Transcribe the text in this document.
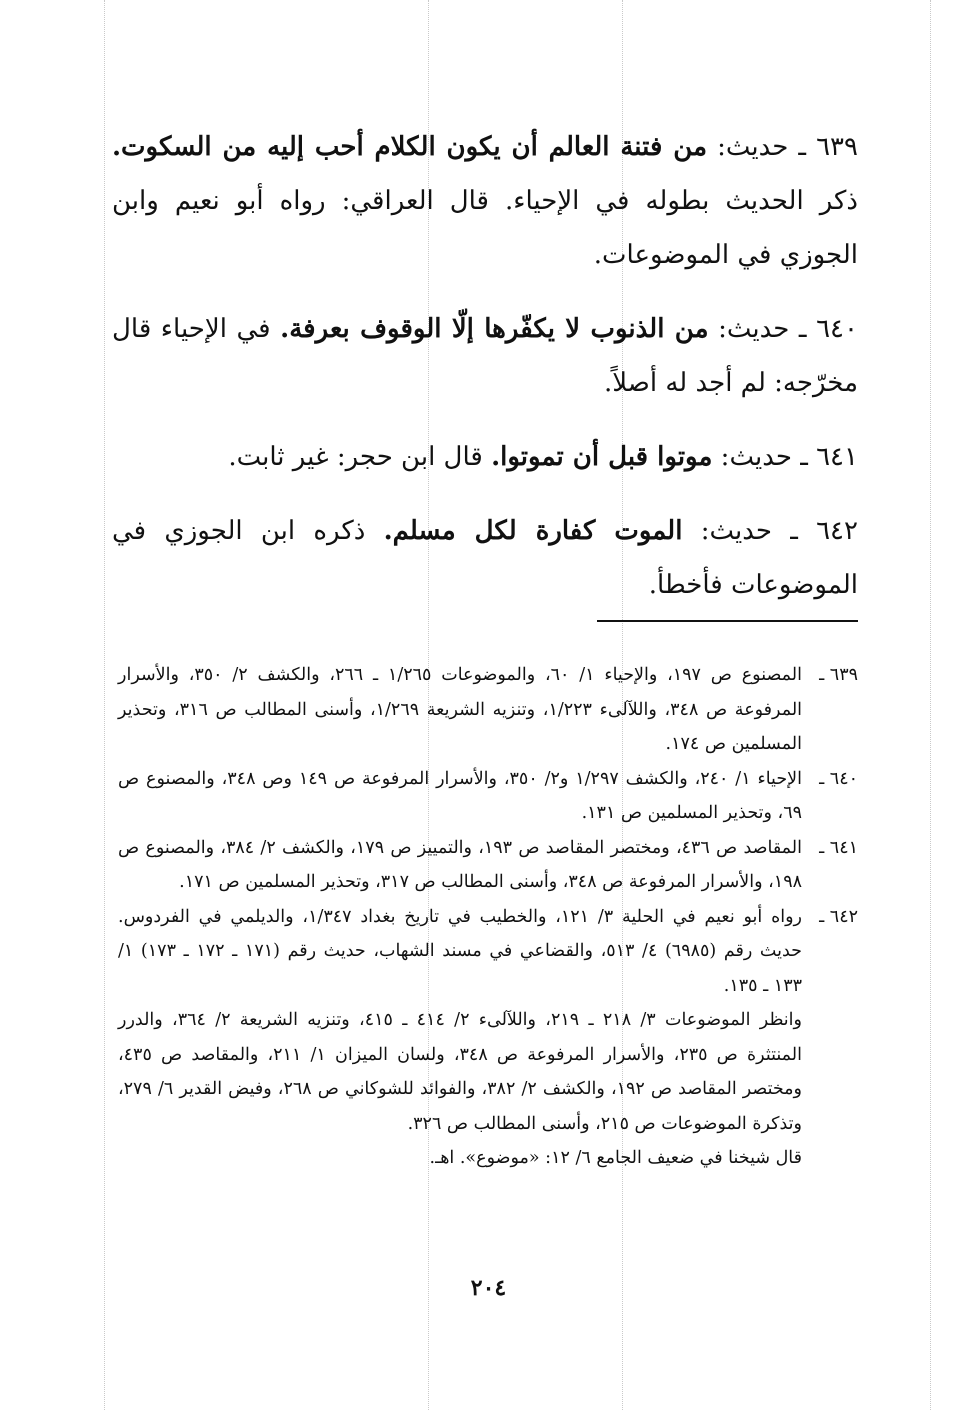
٦٣٩ ـ حديث: من فتنة العالم أن يكون الكلام أحب إليه من السكوت. ذكر الحديث بطوله في الإحياء. قال العراقي: رواه أبو نعيم وابن الجوزي في الموضوعات.

٦٤٠ ـ حديث: من الذنوب لا يكفّرها إلّا الوقوف بعرفة. في الإحياء قال مخرّجه: لم أجد له أصلاً.

٦٤١ ـ حديث: موتوا قبل أن تموتوا. قال ابن حجر: غير ثابت.

٦٤٢ ـ حديث: الموت كفارة لكل مسلم. ذكره ابن الجوزي في الموضوعات فأخطأ.

٦٣٩ ـ
المصنوع ص ١٩٧، والإحياء ١/ ٦٠، والموضوعات ١/٢٦٥ ـ ٢٦٦، والكشف ٢/ ٣٥٠، والأسرار المرفوعة ص ٣٤٨، واللآلىء ١/٢٢٣، وتنزيه الشريعة ١/٢٦٩، وأسنى المطالب ص ٣١٦، وتحذير المسلمين ص ١٧٤.

٦٤٠ ـ
الإحياء ١/ ٢٤٠، والكشف ١/٢٩٧ و٢/ ٣٥٠، والأسرار المرفوعة ص ١٤٩ وص ٣٤٨، والمصنوع ص ٦٩، وتحذير المسلمين ص ١٣١.

٦٤١ ـ
المقاصد ص ٤٣٦، ومختصر المقاصد ص ١٩٣، والتمييز ص ١٧٩، والكشف ٢/ ٣٨٤، والمصنوع ص ١٩٨، والأسرار المرفوعة ص ٣٤٨، وأسنى المطالب ص ٣١٧، وتحذير المسلمين ص ١٧١.

٦٤٢ ـ
رواه أبو نعيم في الحلية ٣/ ١٢١، والخطيب في تاريخ بغداد ١/٣٤٧، والديلمي في الفردوس. حديث رقم (٦٩٨٥) ٤/ ٥١٣، والقضاعي في مسند الشهاب، حديث رقم (١٧١ ـ ١٧٢ ـ ١٧٣) ١/ ١٣٣ ـ ١٣٥.

وانظر الموضوعات ٣/ ٢١٨ ـ ٢١٩، واللآلىء ٢/ ٤١٤ ـ ٤١٥، وتنزيه الشريعة ٢/ ٣٦٤، والدرر المنتثرة ص ٢٣٥، والأسرار المرفوعة ص ٣٤٨، ولسان الميزان ١/ ٢١١، والمقاصد ص ٤٣٥، ومختصر المقاصد ص ١٩٢، والكشف ٢/ ٣٨٢، والفوائد للشوكاني ص ٢٦٨، وفيض القدير ٦/ ٢٧٩، وتذكرة الموضوعات ص ٢١٥، وأسنى المطالب ص ٣٢٦.

قال شيخنا في ضعيف الجامع ٦/ ١٢: «موضوع». اهـ.

٢٠٤
